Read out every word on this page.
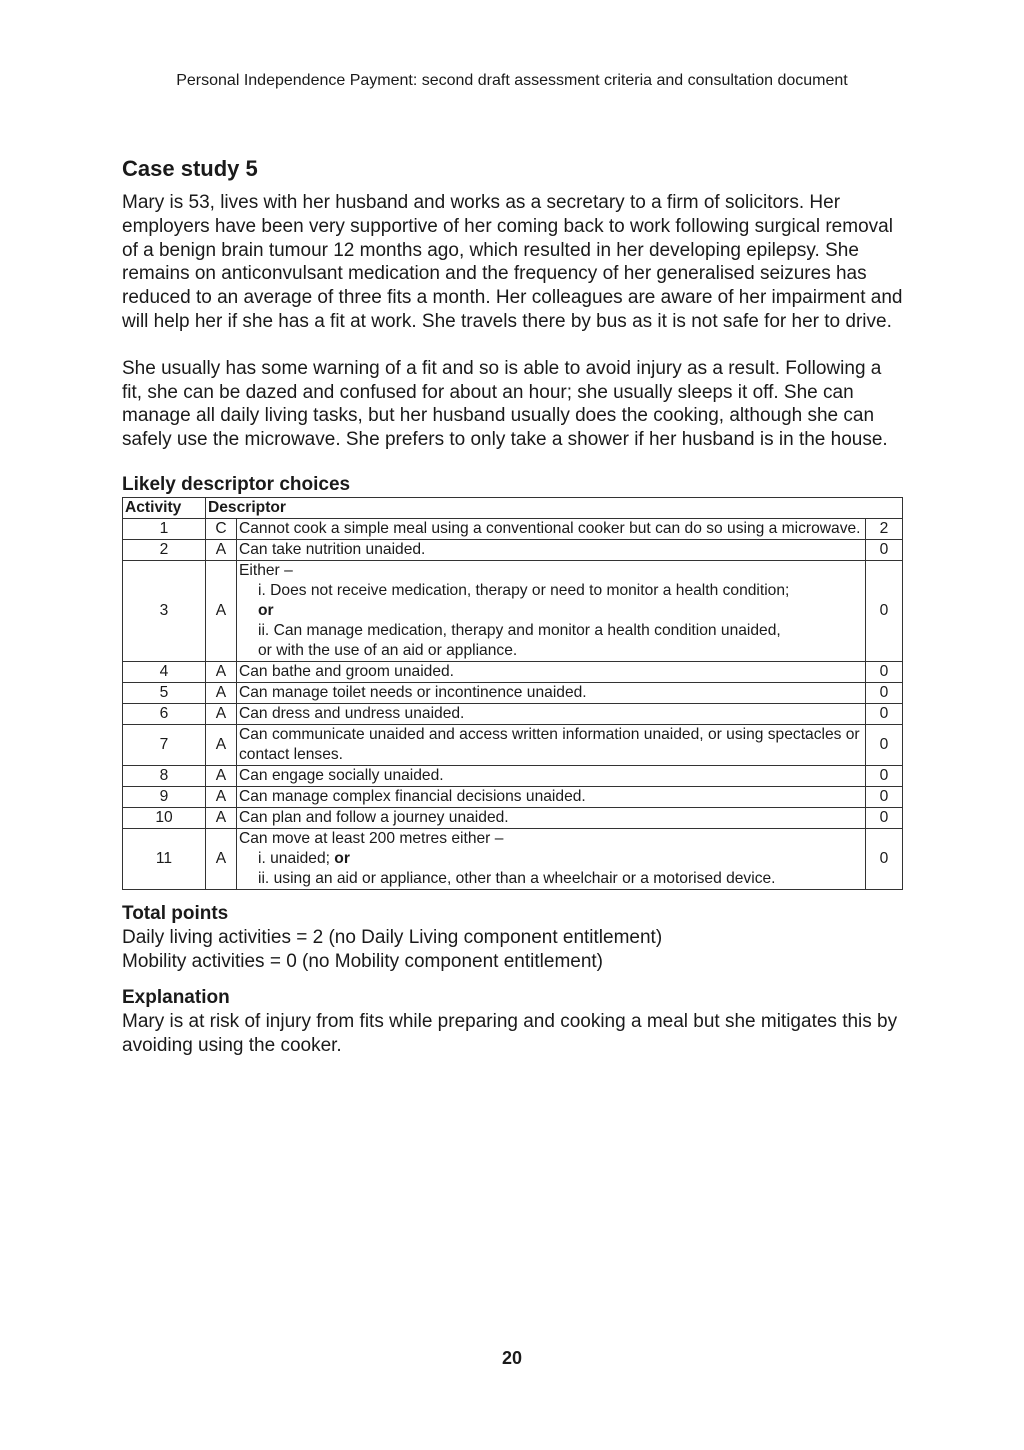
Personal Independence Payment: second draft assessment criteria and consultation document
Case study 5

Mary is 53, lives with her husband and works as a secretary to a firm of solicitors. Her employers have been very supportive of her coming back to work following surgical removal of a benign brain tumour 12 months ago, which resulted in her developing epilepsy. She remains on anticonvulsant medication and the frequency of her generalised seizures has reduced to an average of three fits a month. Her colleagues are aware of her impairment and will help her if she has a fit at work. She travels there by bus as it is not safe for her to drive.

She usually has some warning of a fit and so is able to avoid injury as a result. Following a fit, she can be dazed and confused for about an hour; she usually sleeps it off. She can manage all daily living tasks, but her husband usually does the cooking, although she can safely use the microwave. She prefers to only take a shower if her husband is in the house.

Likely descriptor choices
Activity	Descriptor		
1	C	Cannot cook a simple meal using a conventional cooker but can do so using a microwave.	2
2	A	Can take nutrition unaided.	0
3	A	Either –
i. Does not receive medication, therapy or need to monitor a health condition;
or
ii. Can manage medication, therapy and monitor a health condition unaided,
or with the use of an aid or appliance.	0
4	A	Can bathe and groom unaided.	0
5	A	Can manage toilet needs or incontinence unaided.	0
6	A	Can dress and undress unaided.	0
7	A	Can communicate unaided and access written information unaided, or using spectacles or contact lenses.	0
8	A	Can engage socially unaided.	0
9	A	Can manage complex financial decisions unaided.	0
10	A	Can plan and follow a journey unaided.	0
11	A	Can move at least 200 metres either –
i. unaided; or
ii. using an aid or appliance, other than a wheelchair or a motorised device.	0
Total points
Daily living activities = 2 (no Daily Living component entitlement)
Mobility activities = 0 (no Mobility component entitlement)
Explanation
Mary is at risk of injury from fits while preparing and cooking a meal but she mitigates this by avoiding using the cooker.
20
